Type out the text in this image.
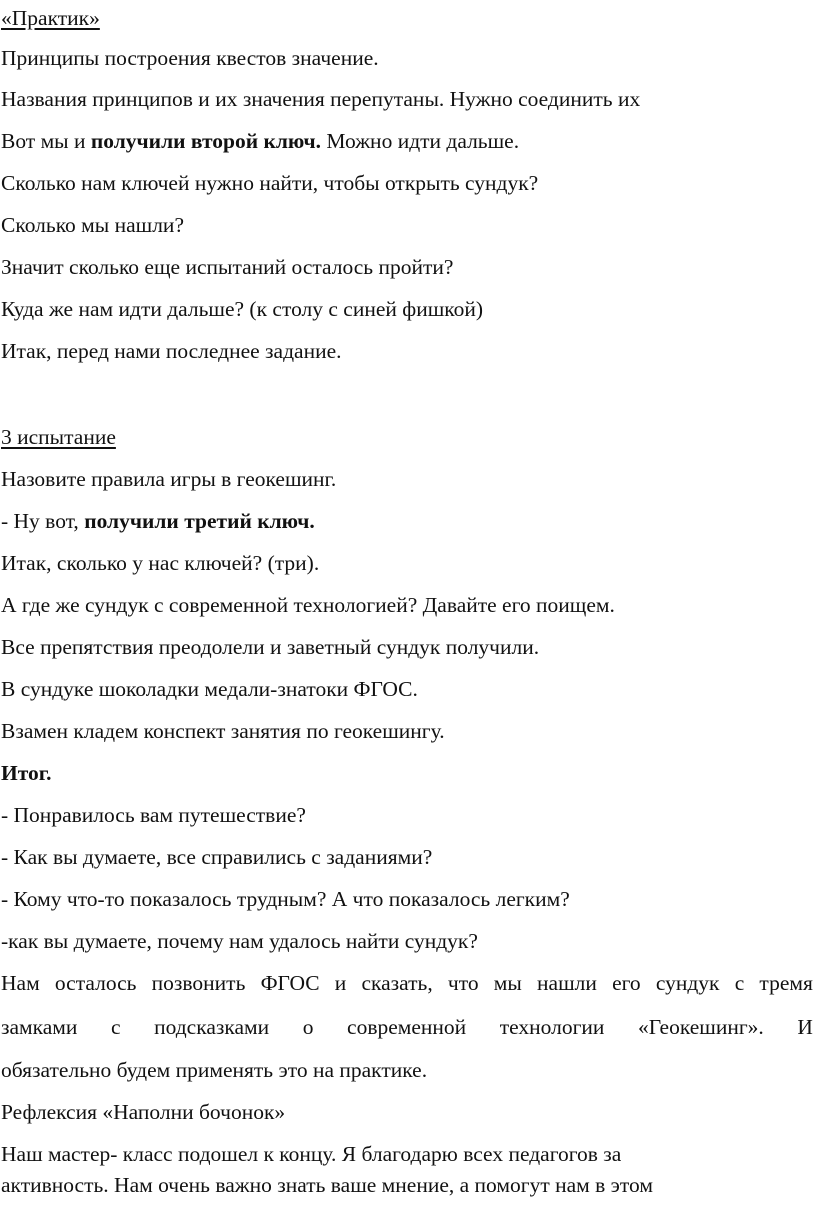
«Практик»
Принципы построения квестов значение.
Названия принципов и их значения перепутаны. Нужно соединить их
Вот мы и получили второй ключ. Можно идти дальше.
Сколько нам ключей нужно найти, чтобы открыть сундук?
Сколько мы нашли?
Значит сколько еще испытаний осталось пройти?
Куда же нам идти дальше? (к столу с синей фишкой)
Итак, перед нами последнее задание.
3 испытание
Назовите правила игры в геокешинг.
- Ну вот, получили третий ключ.
Итак, сколько у нас ключей? (три).
А где же сундук с современной технологией? Давайте его поищем.
Все препятствия преодолели и заветный сундук получили.
В сундуке шоколадки медали-знатоки ФГОС.
Взамен кладем конспект занятия по геокешингу.
Итог.
- Понравилось вам путешествие?
- Как вы думаете, все справились с заданиями?
- Кому что-то показалось трудным? А что показалось легким?
-как вы думаете, почему нам удалось найти сундук?
Нам осталось позвонить ФГОС и сказать, что мы нашли его сундук с тремя
замками с подсказками о современной технологии «Геокешинг». И
обязательно будем применять это на практике.
Рефлексия «Наполни бочонок»
Наш мастер- класс подошел к концу. Я благодарю всех педагогов за
активность. Нам очень важно знать ваше мнение, а помогут нам в этом
